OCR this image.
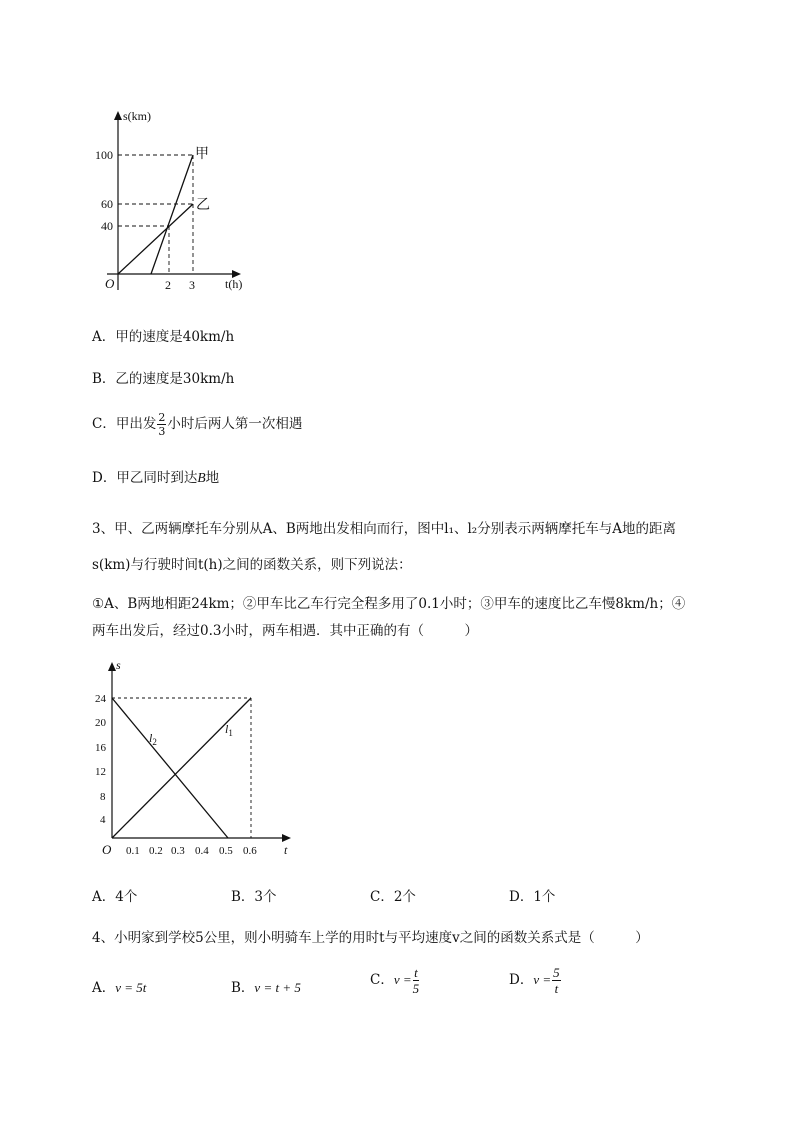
s(km)
t(h)
O
100
60
40
2 3
甲
乙
A．甲的速度是40km/h
B．乙的速度是30km/h
C．甲出发 $\frac{2}{3}$ 小时后两人第一次相遇
D．甲乙同时到达B地
3、甲、乙两辆摩托车分别从A、B两地出发相向而行，图中l₁、l₂分别表示两辆摩托车与A地的距离
s(km)与行驶时间t(h)之间的函数关系，则下列说法：
①A、B两地相距24km；②甲车比乙车行完全程多用了0.1小时；③甲车的速度比乙车慢8km/h；④
两车出发后，经过0.3小时，两车相遇．其中正确的有（　　　）
s
t
O
24
20
16
12
8
4
0.1 0.2 0.3 0.4 0.5 0.6
$l_2$
$l_1$
A．4个	B．3个	C．2个	D．1个
4、小明家到学校5公里，则小明骑车上学的用时t与平均速度v之间的函数关系式是（　　　）
A．v = 5t	B．v = t + 5	C．$v = \frac{t}{5}$	D．$v = \frac{5}{t}$
